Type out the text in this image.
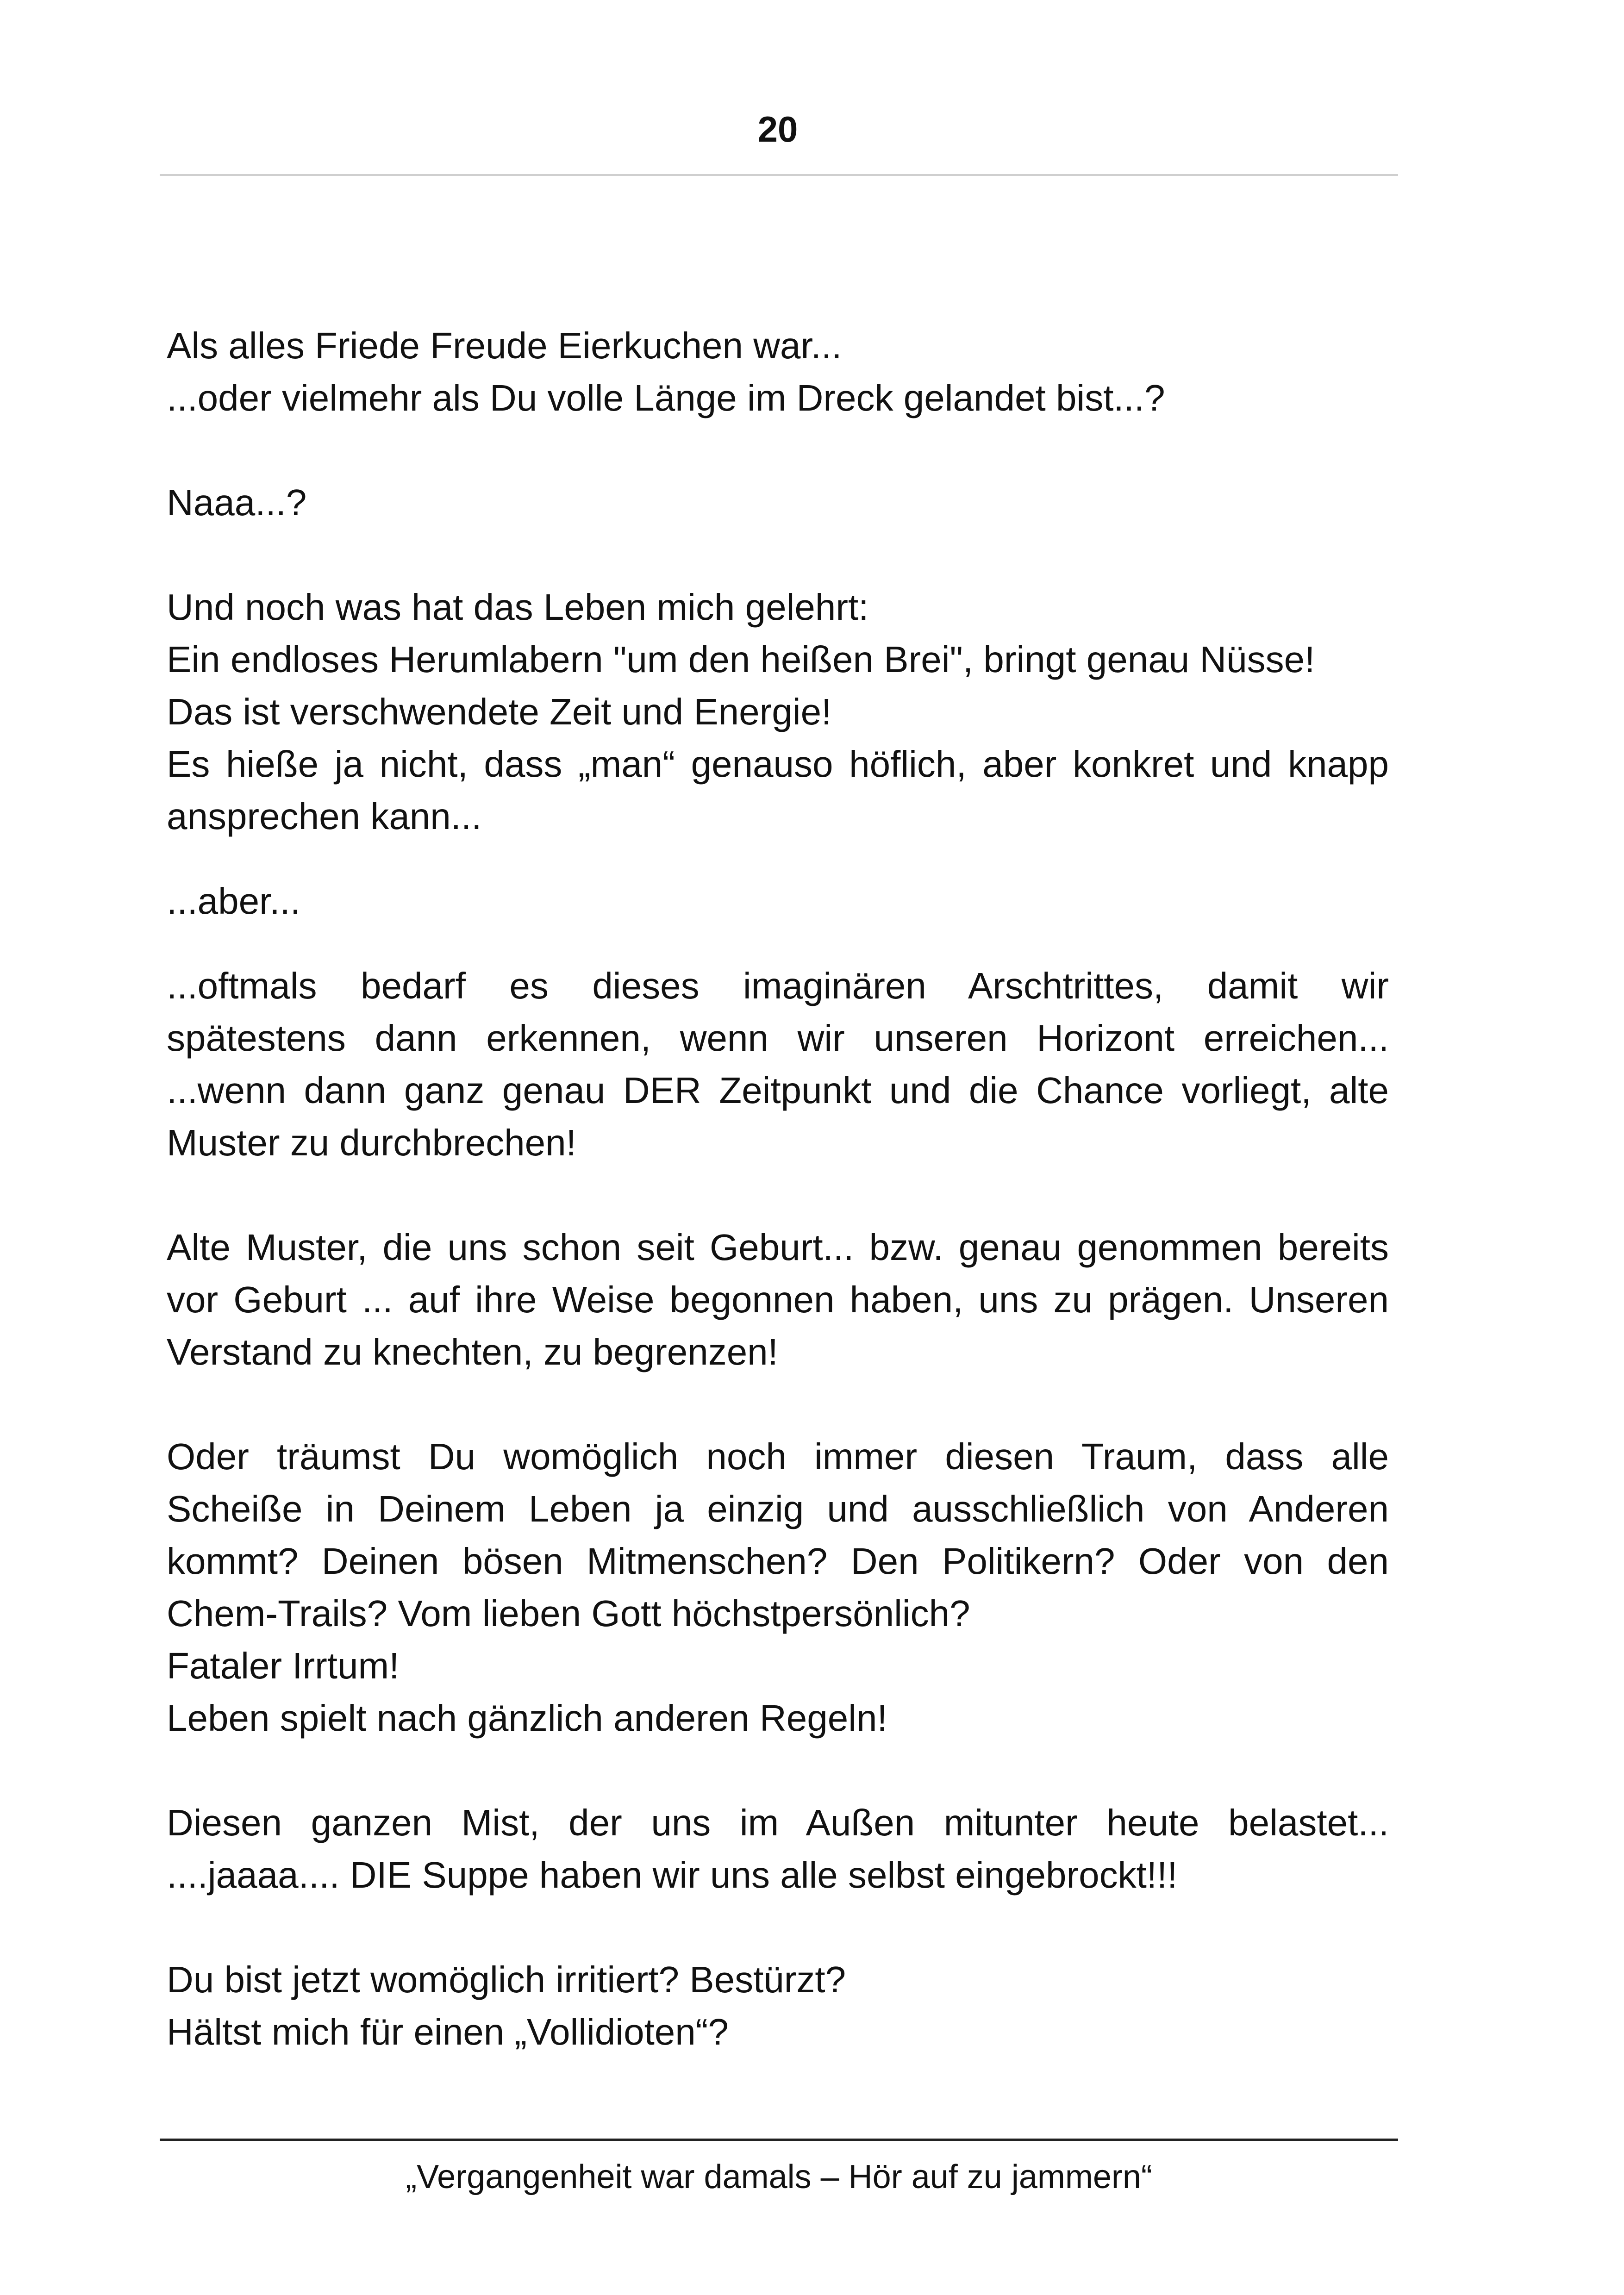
20
Als alles Friede Freude Eierkuchen war...
...oder vielmehr als Du volle Länge im Dreck gelandet bist...?
Naaa...?
Und noch was hat das Leben mich gelehrt:
Ein endloses Herumlabern "um den heißen Brei", bringt genau Nüsse!
Das ist verschwendete Zeit und Energie!
Es hieße ja nicht, dass „man“ genauso höflich, aber konkret und knapp
ansprechen kann...
...aber...
...oftmals bedarf es dieses imaginären Arschtrittes, damit wir
spätestens dann erkennen, wenn wir unseren Horizont erreichen...
...wenn dann ganz genau DER Zeitpunkt und die Chance vorliegt, alte
Muster zu durchbrechen!
Alte Muster, die uns schon seit Geburt... bzw. genau genommen bereits
vor Geburt ... auf ihre Weise begonnen haben, uns zu prägen. Unseren
Verstand zu knechten, zu begrenzen!
Oder träumst Du womöglich noch immer diesen Traum, dass alle
Scheiße in Deinem Leben ja einzig und ausschließlich von Anderen
kommt? Deinen bösen Mitmenschen? Den Politikern? Oder von den
Chem-Trails? Vom lieben Gott höchstpersönlich?
Fataler Irrtum!
Leben spielt nach gänzlich anderen Regeln!
Diesen ganzen Mist, der uns im Außen mitunter heute belastet...
....jaaaa.... DIE Suppe haben wir uns alle selbst eingebrockt!!!
Du bist jetzt womöglich irritiert? Bestürzt?
Hältst mich für einen „Vollidioten“?
„Vergangenheit war damals – Hör auf zu jammern“
